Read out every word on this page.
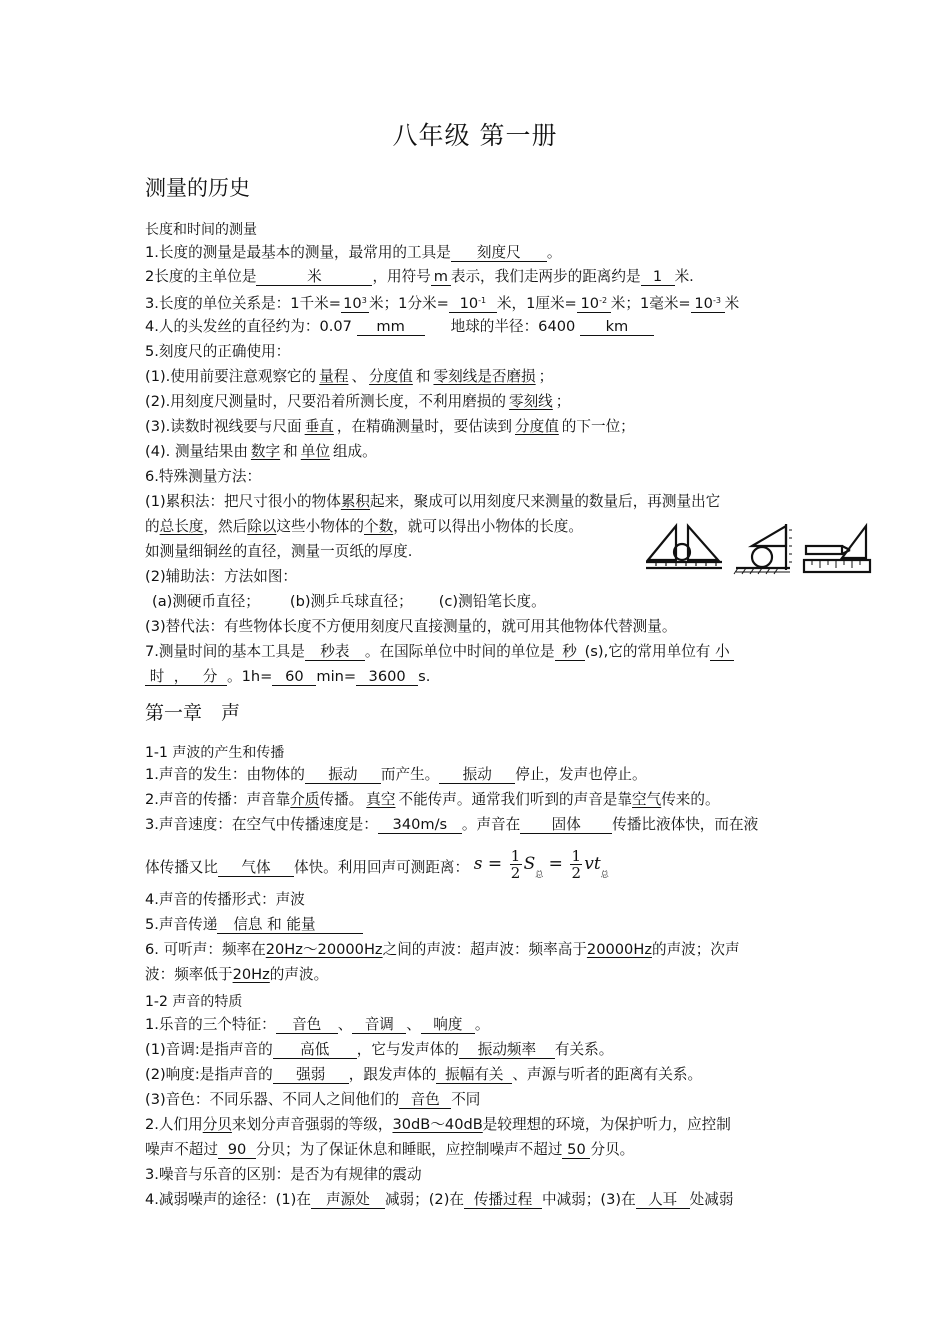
八年级 第一册
测量的历史
长度和时间的测量
1.长度的测量是最基本的测量，最常用的工具是 刻度尺 。
2长度的主单位是	米	，用符号 m 表示，我们走两步的距离约是 1 米.
3.长度的单位关系是：1千米= $10^3$ 米；1分米= $10^{-1}$ 米，1厘米= $10^{-2}$ 米；1毫米= $10^{-3}$ 米
4.人的头发丝的直径约为：0.07 mm	地球的半径：6400 km
5.刻度尺的正确使用：
(1).使用前要注意观察它的 量程 、 分度值 和 零刻线是否磨损 ；
(2).用刻度尺测量时，尺要沿着所测长度，不利用磨损的 零刻线 ；
(3).读数时视线要与尺面 垂直 ，在精确测量时，要估读到 分度值 的下一位；
(4). 测量结果由 数字 和 单位 组成。
6.特殊测量方法：
(1)累积法：把尺寸很小的物体累积起来，聚成可以用刻度尺来测量的数量后，再测量出它
的总长度，然后除以这些小物体的个数，就可以得出小物体的长度。
如测量细铜丝的直径，测量一页纸的厚度.
(2)辅助法：方法如图：
(a)测硬币直径； (b)测乒乓球直径； (c)测铅笔长度。
(3)替代法：有些物体长度不方便用刻度尺直接测量的，就可用其他物体代替测量。
7.测量时间的基本工具是 秒表 。在国际单位中时间的单位是 秒 (s),它的常用单位有 小
时 ， 分 。1h= 60 min= 3600 s.
第一章　声
1-1 声波的产生和传播
1.声音的发生：由物体的 振动 而产生。 振动 停止，发声也停止。
2.声音的传播：声音靠介质传播。 真空 不能传声。通常我们听到的声音是靠空气传来的。
3.声音速度：在空气中传播速度是： 340m/s 。声音在 固体 传播比液体快，而在液
体传播又比 气体 体快。利用回声可测距离： $s = \frac{1}{2} S_总 = \frac{1}{2} vt_总$
4.声音的传播形式：声波
5.声音传递 信息 和 能量
6. 可听声：频率在20Hz～20000Hz之间的声波：超声波：频率高于20000Hz的声波；次声
波：频率低于20Hz的声波。
1-2 声音的特质
1.乐音的三个特征： 音色 、 音调 、 响度 。
(1)音调:是指声音的 高低 ，它与发声体的 振动频率 有关系。
(2)响度:是指声音的 强弱 ，跟发声体的 振幅有关 、声源与听者的距离有关系。
(3)音色：不同乐器、不同人之间他们的 音色 不同
2.人们用分贝来划分声音强弱的等级，30dB～40dB是较理想的环境，为保护听力，应控制
噪声不超过 90 分贝；为了保证休息和睡眠，应控制噪声不超过 50 分贝。
3.噪音与乐音的区别：是否为有规律的震动
4.减弱噪声的途径：(1)在 声源处 减弱；(2)在 传播过程 中减弱；(3)在 人耳 处减弱
